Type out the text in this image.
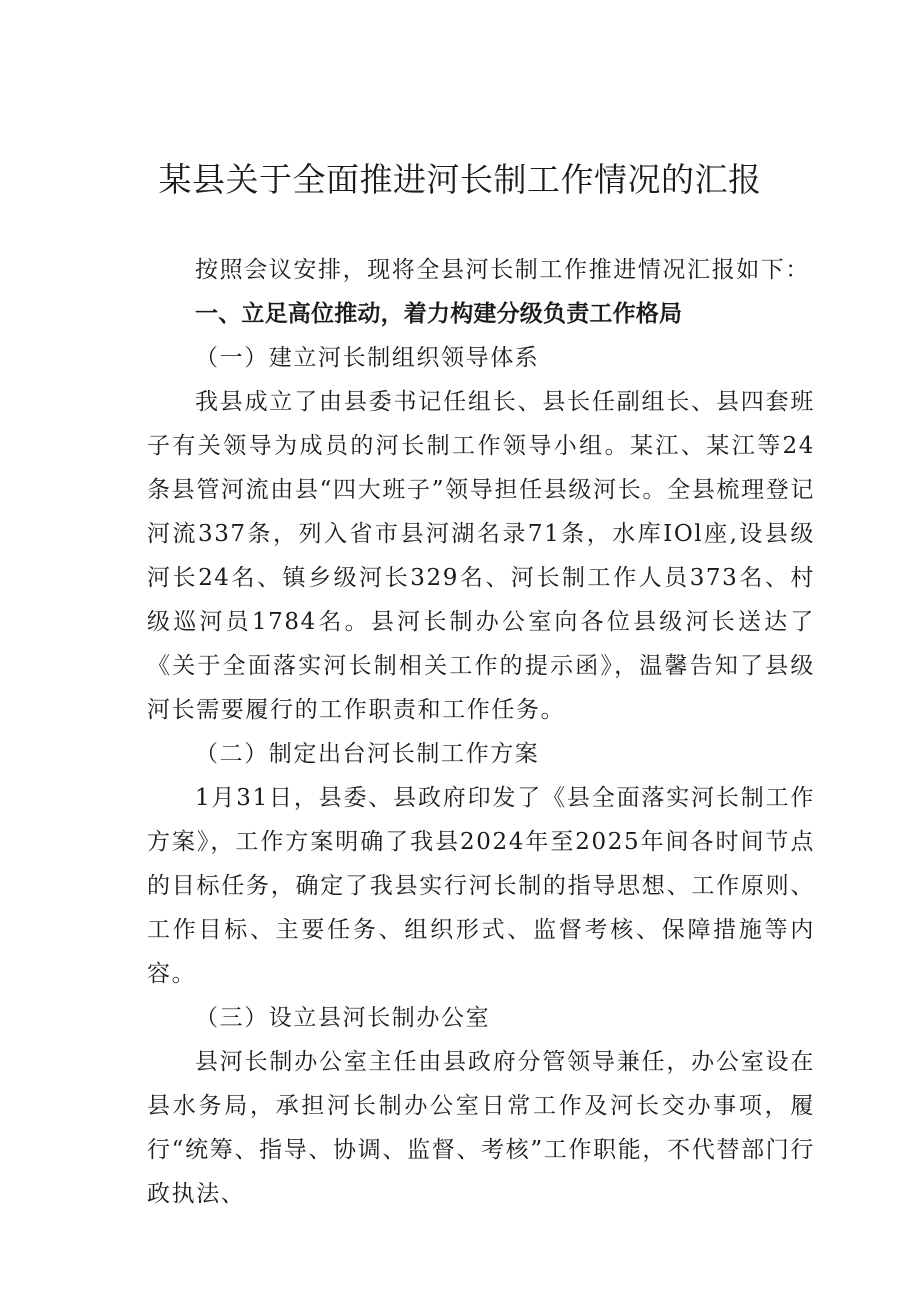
某县关于全面推进河长制工作情况的汇报

按照会议安排，现将全县河长制工作推进情况汇报如下：

一、立足高位推动，着力构建分级负责工作格局

（一）建立河长制组织领导体系

我县成立了由县委书记任组长、县长任副组长、县四套班子有关领导为成员的河长制工作领导小组。某江、某江等24条县管河流由县“四大班子”领导担任县级河长。全县梳理登记河流337条，列入省市县河湖名录71条，水库IOl座,设县级河长24名、镇乡级河长329名、河长制工作人员373名、村级巡河员1784名。县河长制办公室向各位县级河长送达了《关于全面落实河长制相关工作的提示函》，温馨告知了县级河长需要履行的工作职责和工作任务。

（二）制定出台河长制工作方案

1月31日，县委、县政府印发了《县全面落实河长制工作方案》，工作方案明确了我县2024年至2025年间各时间节点的目标任务，确定了我县实行河长制的指导思想、工作原则、工作目标、主要任务、组织形式、监督考核、保障措施等内容。

（三）设立县河长制办公室

县河长制办公室主任由县政府分管领导兼任，办公室设在县水务局，承担河长制办公室日常工作及河长交办事项，履行“统筹、指导、协调、监督、考核”工作职能，不代替部门行政执法、
